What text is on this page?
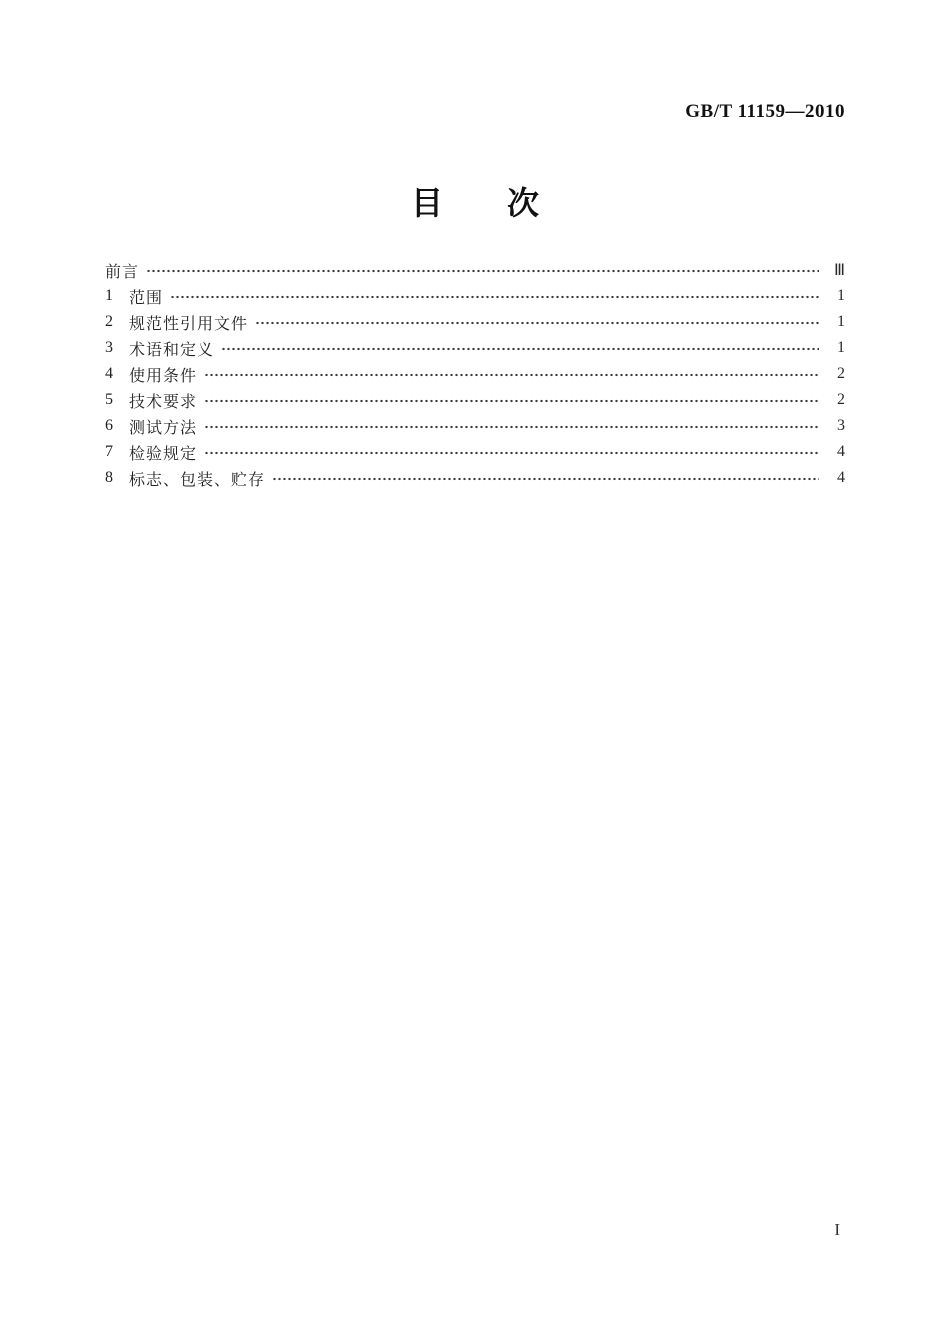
GB/T 11159—2010
目　　次
前言	Ⅲ
1	范围	1
2	规范性引用文件	1
3	术语和定义	1
4	使用条件	2
5	技术要求	2
6	测试方法	3
7	检验规定	4
8	标志、包装、贮存	4
I
